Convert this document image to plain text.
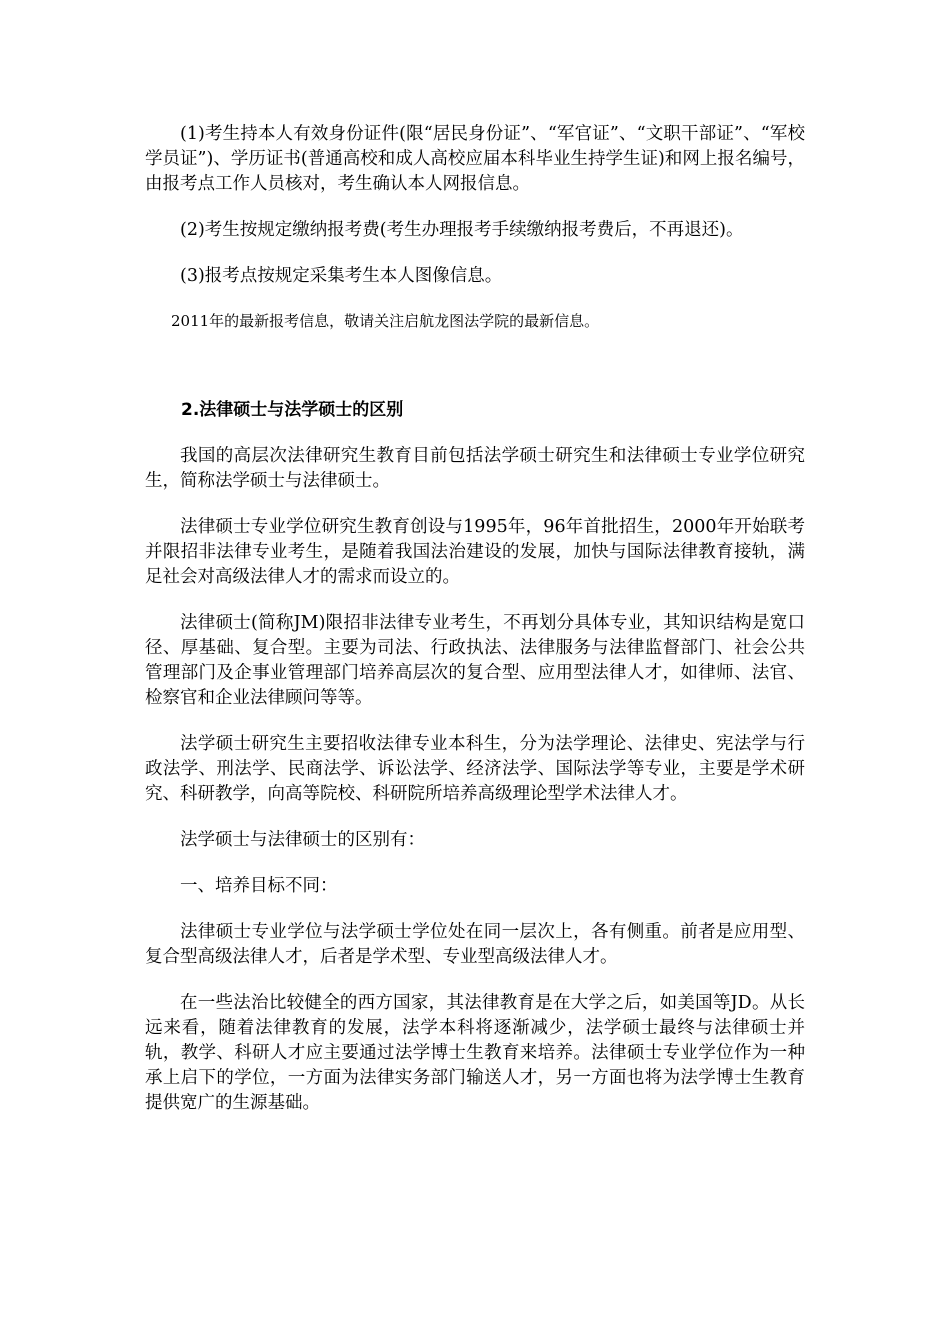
(1)考生持本人有效身份证件(限“居民身份证”、“军官证”、“文职干部证”、“军校学员证”)、学历证书(普通高校和成人高校应届本科毕业生持学生证)和网上报名编号，由报考点工作人员核对，考生确认本人网报信息。

(2)考生按规定缴纳报考费(考生办理报考手续缴纳报考费后，不再退还)。

(3)报考点按规定采集考生本人图像信息。

2011年的最新报考信息，敬请关注启航龙图法学院的最新信息。

2.法律硕士与法学硕士的区别

我国的高层次法律研究生教育目前包括法学硕士研究生和法律硕士专业学位研究生，简称法学硕士与法律硕士。

法律硕士专业学位研究生教育创设与1995年，96年首批招生，2000年开始联考并限招非法律专业考生，是随着我国法治建设的发展，加快与国际法律教育接轨，满足社会对高级法律人才的需求而设立的。

法律硕士(简称JM)限招非法律专业考生，不再划分具体专业，其知识结构是宽口径、厚基础、复合型。主要为司法、行政执法、法律服务与法律监督部门、社会公共管理部门及企事业管理部门培养高层次的复合型、应用型法律人才，如律师、法官、检察官和企业法律顾问等等。

法学硕士研究生主要招收法律专业本科生，分为法学理论、法律史、宪法学与行政法学、刑法学、民商法学、诉讼法学、经济法学、国际法学等专业，主要是学术研究、科研教学，向高等院校、科研院所培养高级理论型学术法律人才。

法学硕士与法律硕士的区别有：

一、培养目标不同：

法律硕士专业学位与法学硕士学位处在同一层次上，各有侧重。前者是应用型、复合型高级法律人才，后者是学术型、专业型高级法律人才。

在一些法治比较健全的西方国家，其法律教育是在大学之后，如美国等JD。从长远来看，随着法律教育的发展，法学本科将逐渐减少，法学硕士最终与法律硕士并轨，教学、科研人才应主要通过法学博士生教育来培养。法律硕士专业学位作为一种承上启下的学位，一方面为法律实务部门输送人才，另一方面也将为法学博士生教育提供宽广的生源基础。
